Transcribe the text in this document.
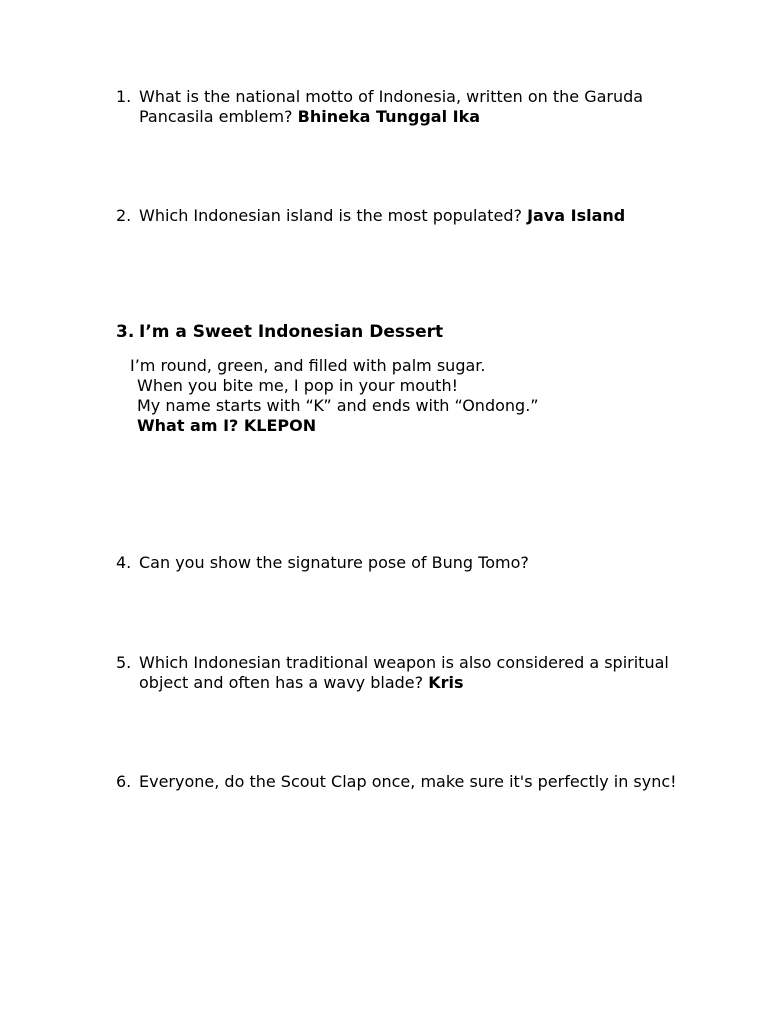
1. What is the national motto of Indonesia, written on the Garuda Pancasila emblem? Bhineka Tunggal Ika
2. Which Indonesian island is the most populated? Java Island
3. I’m a Sweet Indonesian Dessert
I’m round, green, and filled with palm sugar.
When you bite me, I pop in your mouth!
My name starts with “K” and ends with “Ondong.”
What am I? KLEPON
4. Can you show the signature pose of Bung Tomo?
5. Which Indonesian traditional weapon is also considered a spiritual object and often has a wavy blade? Kris
6. Everyone, do the Scout Clap once, make sure it's perfectly in sync!
